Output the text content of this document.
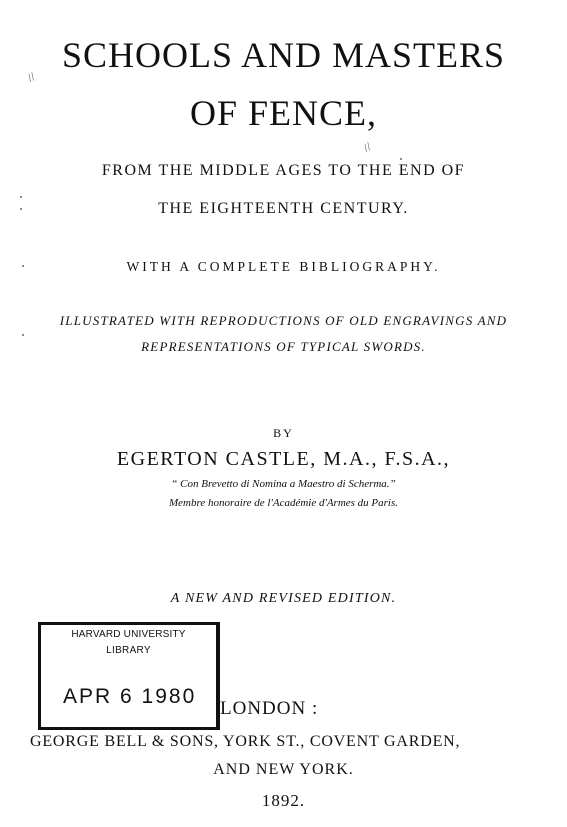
SCHOOLS AND MASTERS
OF FENCE,
FROM THE MIDDLE AGES TO THE END OF
THE EIGHTEENTH CENTURY.
WITH A COMPLETE BIBLIOGRAPHY.
ILLUSTRATED WITH REPRODUCTIONS OF OLD ENGRAVINGS AND
REPRESENTATIONS OF TYPICAL SWORDS.
BY
EGERTON CASTLE, M.A., F.S.A.,
“ Con Brevetto di Nomina a Maestro di Scherma.”
Membre honoraire de l'Académie d'Armes du Paris.
A NEW AND REVISED EDITION.
LONDON :
GEORGE BELL & SONS, YORK ST., COVENT GARDEN,
AND NEW YORK.
1892.
HARVARD UNIVERSITY
LIBRARY
APR 6 1980
//
//
